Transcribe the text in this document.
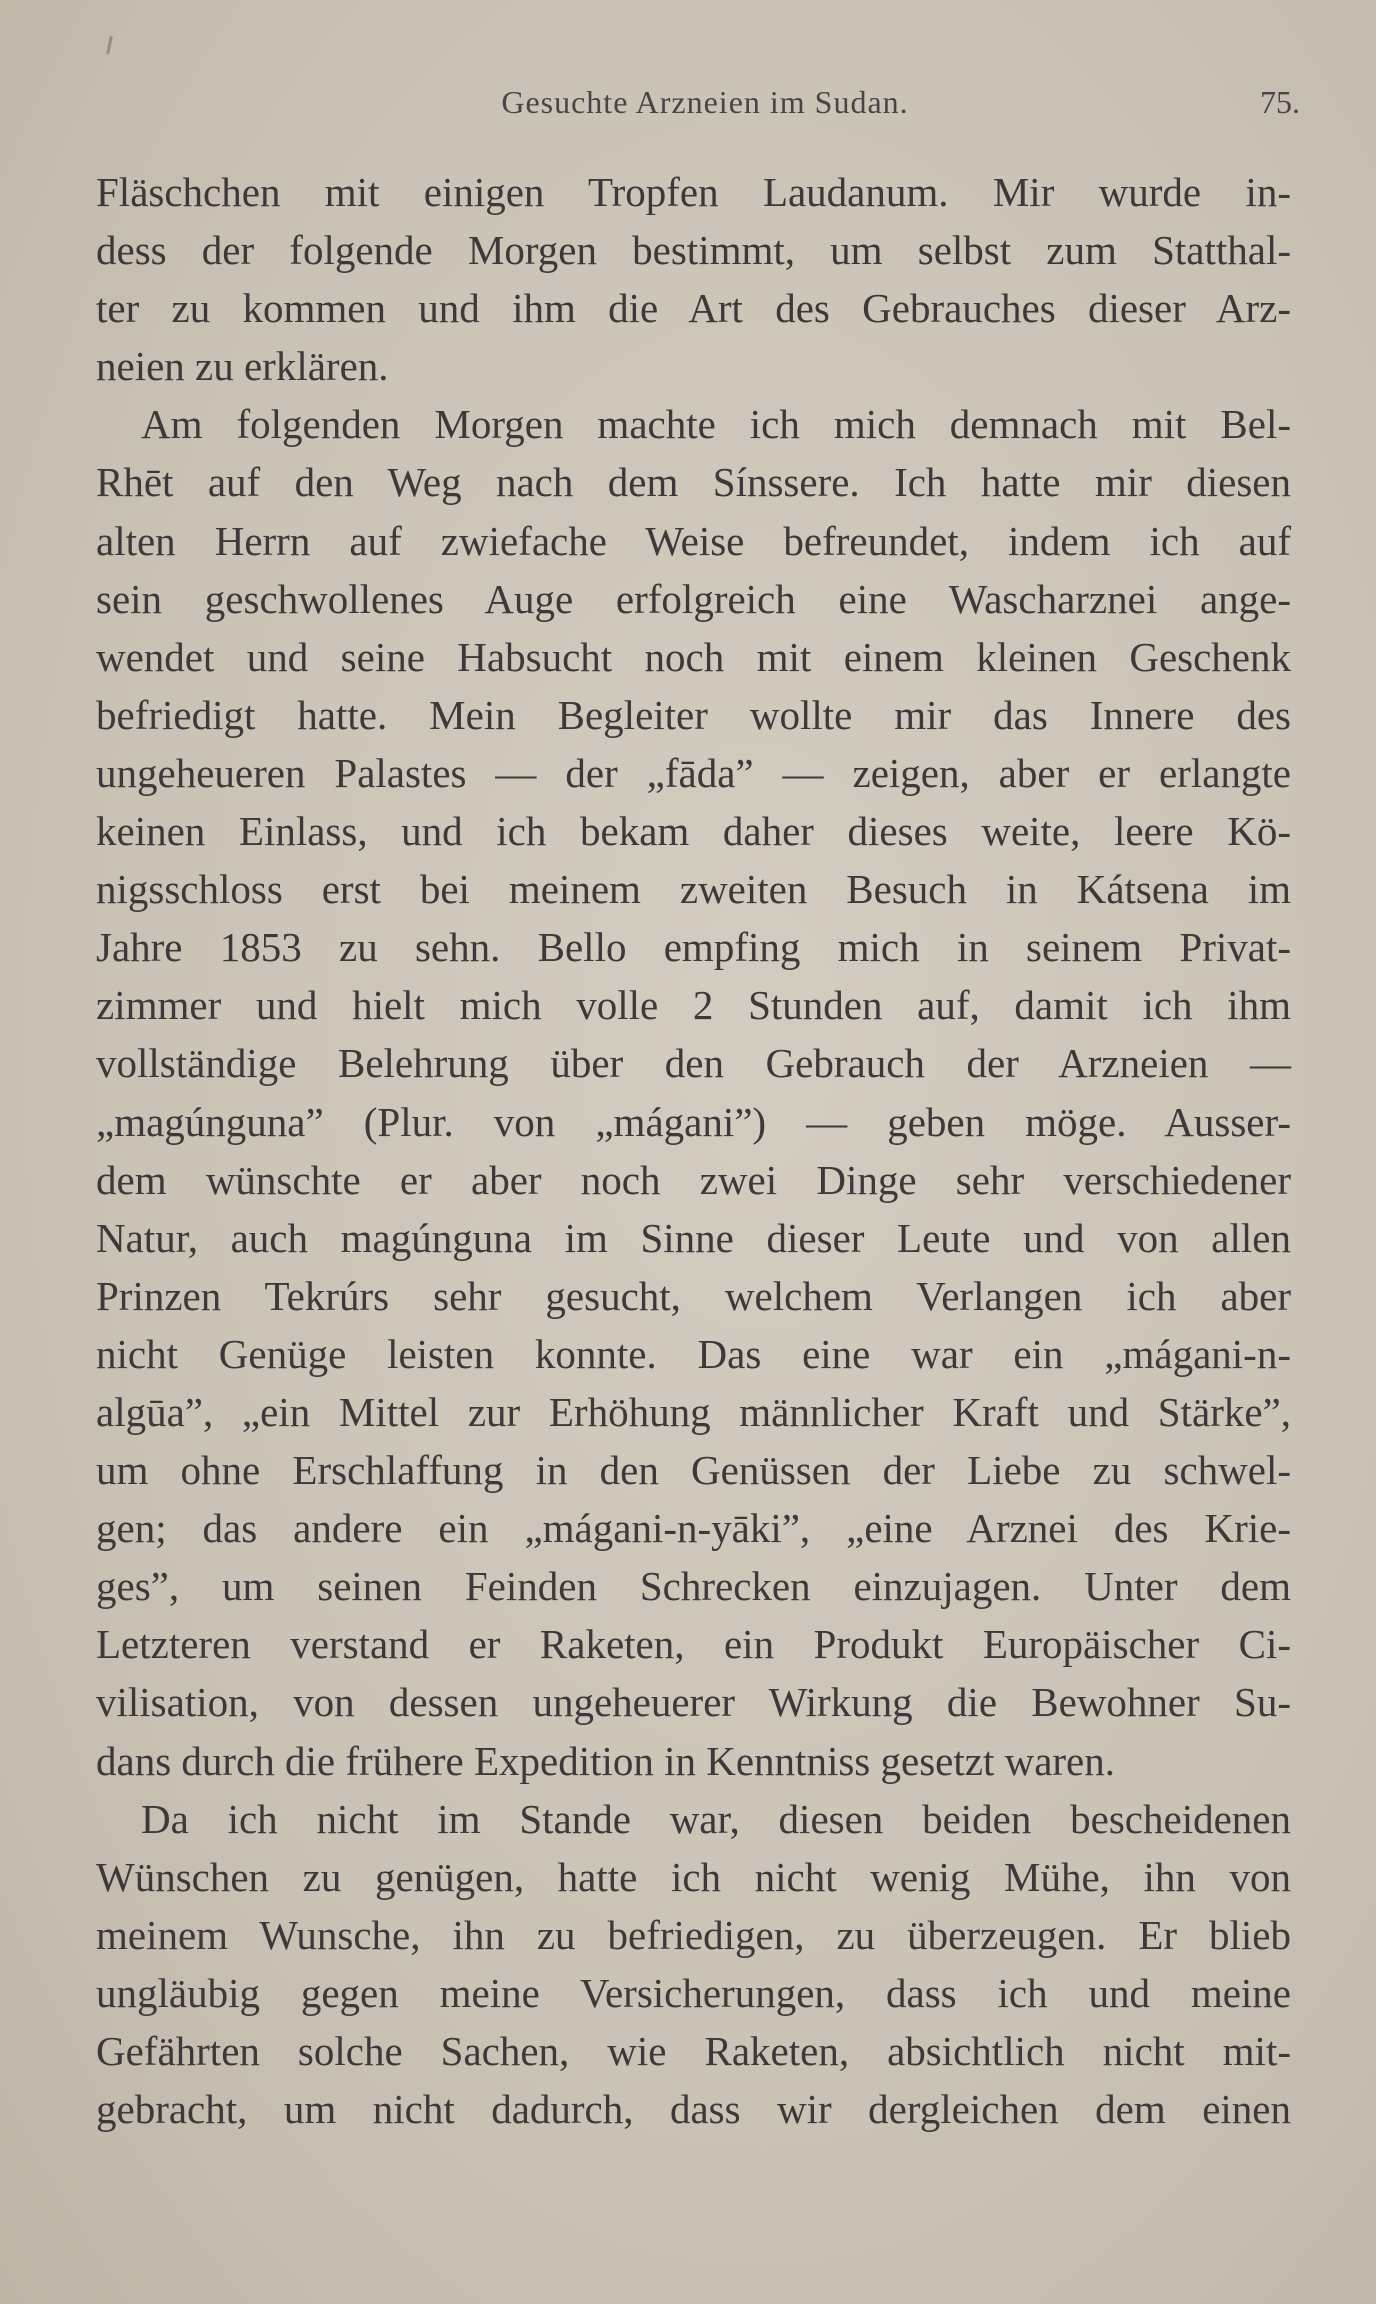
Gesuchte Arzneien im Sudan.	75.
Fläschchen mit einigen Tropfen Laudanum. Mir wurde in-
dess der folgende Morgen bestimmt, um selbst zum Statthal-
ter zu kommen und ihm die Art des Gebrauches dieser Arz-
neien zu erklären.
Am folgenden Morgen machte ich mich demnach mit Bel-
Rhēt auf den Weg nach dem Sínssere. Ich hatte mir diesen
alten Herrn auf zwiefache Weise befreundet, indem ich auf
sein geschwollenes Auge erfolgreich eine Wascharznei ange-
wendet und seine Habsucht noch mit einem kleinen Geschenk
befriedigt hatte. Mein Begleiter wollte mir das Innere des
ungeheueren Palastes — der „fāda” — zeigen, aber er erlangte
keinen Einlass, und ich bekam daher dieses weite, leere Kö-
nigsschloss erst bei meinem zweiten Besuch in Kátsena im
Jahre 1853 zu sehn. Bello empfing mich in seinem Privat-
zimmer und hielt mich volle 2 Stunden auf, damit ich ihm
vollständige Belehrung über den Gebrauch der Arzneien —
„magúnguna” (Plur. von „mágani”) — geben möge. Ausser-
dem wünschte er aber noch zwei Dinge sehr verschiedener
Natur, auch magúnguna im Sinne dieser Leute und von allen
Prinzen Tekrúrs sehr gesucht, welchem Verlangen ich aber
nicht Genüge leisten konnte. Das eine war ein „mágani-n-
algūa”, „ein Mittel zur Erhöhung männlicher Kraft und Stärke”,
um ohne Erschlaffung in den Genüssen der Liebe zu schwel-
gen; das andere ein „mágani-n-yāki”, „eine Arznei des Krie-
ges”, um seinen Feinden Schrecken einzujagen. Unter dem
Letzteren verstand er Raketen, ein Produkt Europäischer Ci-
vilisation, von dessen ungeheuerer Wirkung die Bewohner Su-
dans durch die frühere Expedition in Kenntniss gesetzt waren.
Da ich nicht im Stande war, diesen beiden bescheidenen
Wünschen zu genügen, hatte ich nicht wenig Mühe, ihn von
meinem Wunsche, ihn zu befriedigen, zu überzeugen. Er blieb
ungläubig gegen meine Versicherungen, dass ich und meine
Gefährten solche Sachen, wie Raketen, absichtlich nicht mit-
gebracht, um nicht dadurch, dass wir dergleichen dem einen
